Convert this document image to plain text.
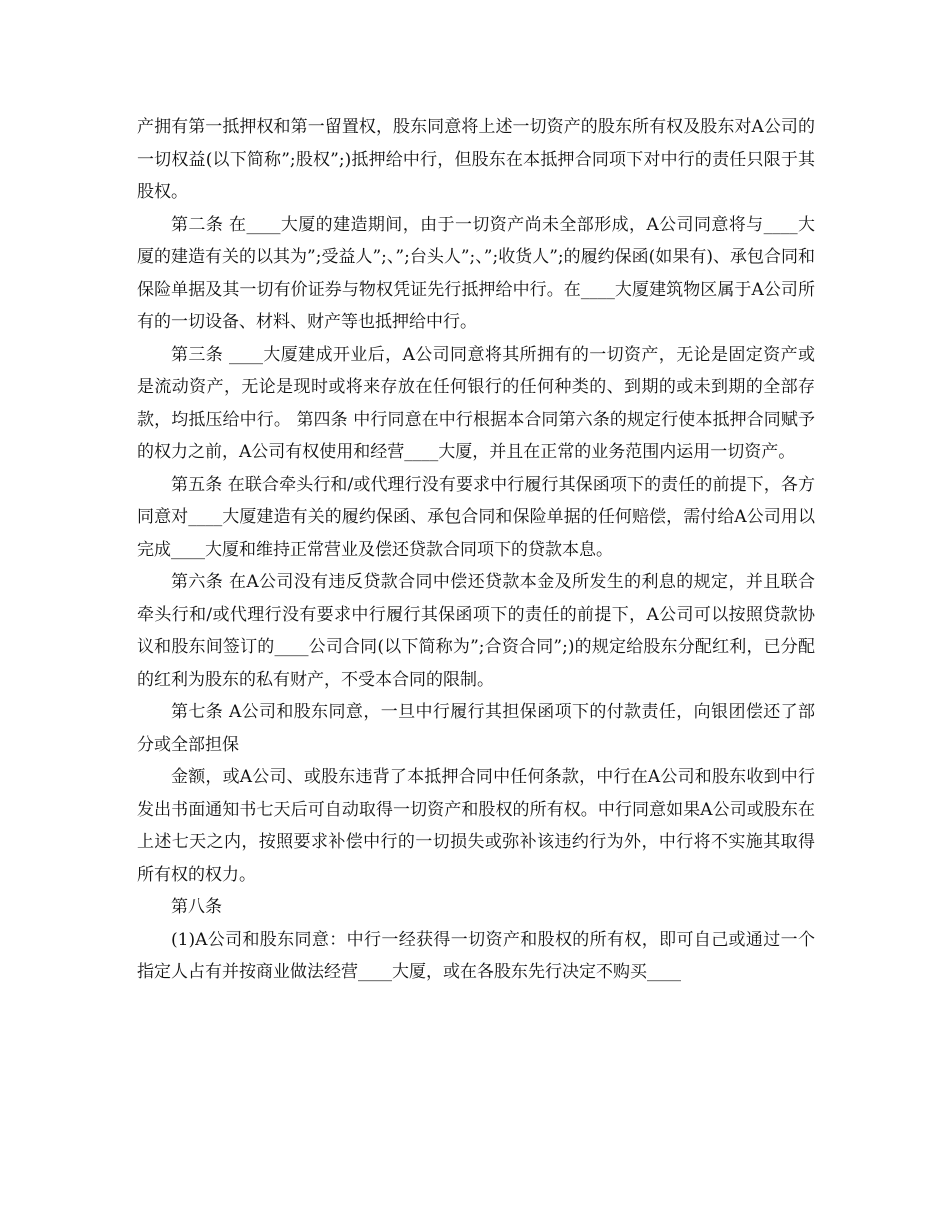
产拥有第一抵押权和第一留置权，股东同意将上述一切资产的股东所有权及股东对A公司的一切权益(以下简称”;股权”;)抵押给中行，但股东在本抵押合同项下对中行的责任只限于其股权。

第二条 在____大厦的建造期间，由于一切资产尚未全部形成，A公司同意将与____大厦的建造有关的以其为”;受益人”;、”;台头人”;、”;收货人”;的履约保函(如果有)、承包合同和保险单据及其一切有价证券与物权凭证先行抵押给中行。在____大厦建筑物区属于A公司所有的一切设备、材料、财产等也抵押给中行。

第三条 ____大厦建成开业后，A公司同意将其所拥有的一切资产，无论是固定资产或是流动资产，无论是现时或将来存放在任何银行的任何种类的、到期的或未到期的全部存款，均抵压给中行。 第四条 中行同意在中行根据本合同第六条的规定行使本抵押合同赋予的权力之前，A公司有权使用和经营____大厦，并且在正常的业务范围内运用一切资产。

第五条 在联合牵头行和/或代理行没有要求中行履行其保函项下的责任的前提下，各方同意对____大厦建造有关的履约保函、承包合同和保险单据的任何赔偿，需付给A公司用以完成____大厦和维持正常营业及偿还贷款合同项下的贷款本息。

第六条 在A公司没有违反贷款合同中偿还贷款本金及所发生的利息的规定，并且联合牵头行和/或代理行没有要求中行履行其保函项下的责任的前提下，A公司可以按照贷款协议和股东间签订的____公司合同(以下简称为”;合资合同”;)的规定给股东分配红利，已分配的红利为股东的私有财产，不受本合同的限制。

第七条 A公司和股东同意，一旦中行履行其担保函项下的付款责任，向银团偿还了部分或全部担保

金额，或A公司、或股东违背了本抵押合同中任何条款，中行在A公司和股东收到中行发出书面通知书七天后可自动取得一切资产和股权的所有权。中行同意如果A公司或股东在上述七天之内，按照要求补偿中行的一切损失或弥补该违约行为外，中行将不实施其取得所有权的权力。

第八条

(1)A公司和股东同意：中行一经获得一切资产和股权的所有权，即可自己或通过一个指定人占有并按商业做法经营____大厦，或在各股东先行决定不购买____
